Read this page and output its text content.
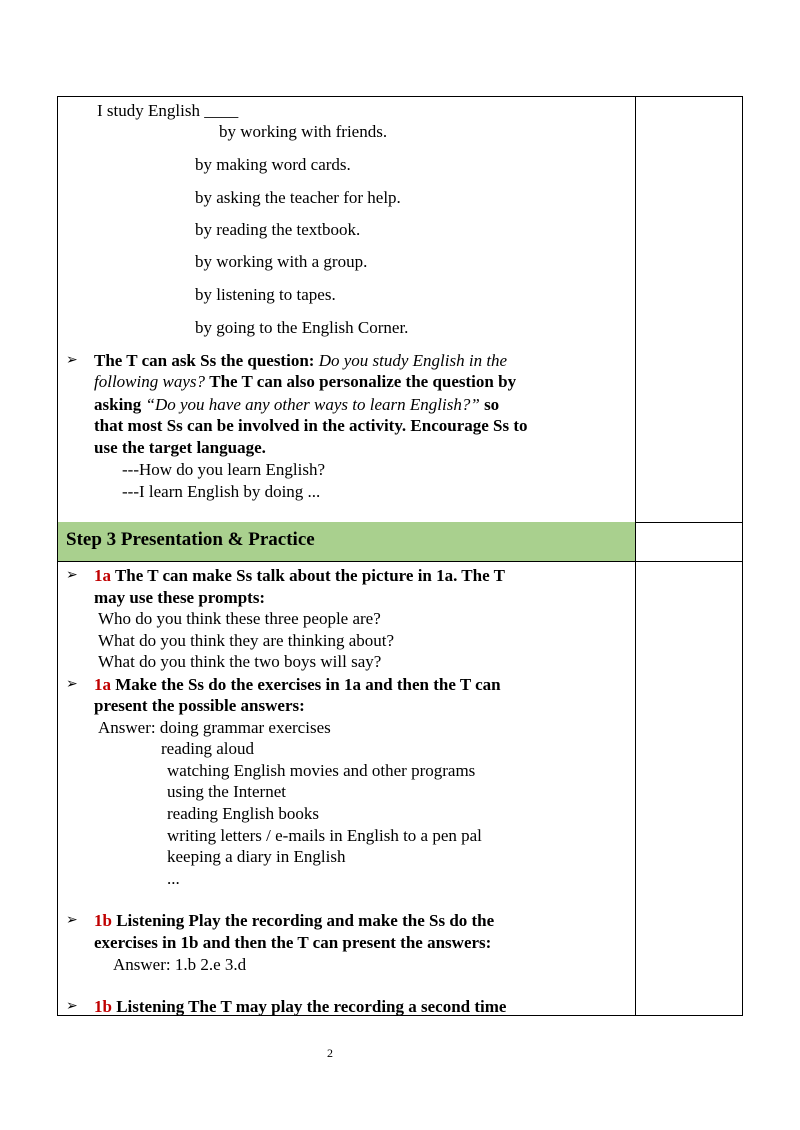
Step 3 Presentation & Practice
I study English ____
by working with friends.
by making word cards.
by asking the teacher for help.
by reading the textbook.
by working with a group.
by listening to tapes.
by going to the English Corner.
➢ The T can ask Ss the question: Do you study English in the
following ways? The T can also personalize the question by
asking “Do you have any other ways to learn English?” so
that most Ss can be involved in the activity. Encourage Ss to
use the target language.
---How do you learn English?
---I learn English by doing ...
➢ 1a The T can make Ss talk about the picture in 1a. The T
may use these prompts:
Who do you think these three people are?
What do you think they are thinking about?
What do you think the two boys will say?
➢ 1a Make the Ss do the exercises in 1a and then the T can
present the possible answers:
Answer: doing grammar exercises
reading aloud
watching English movies and other programs
using the Internet
reading English books
writing letters / e-mails in English to a pen pal
keeping a diary in English
...
➢ 1b Listening Play the recording and make the Ss do the
exercises in 1b and then the T can present the answers:
Answer: 1.b 2.e 3.d
➢ 1b Listening The T may play the recording a second time
2
